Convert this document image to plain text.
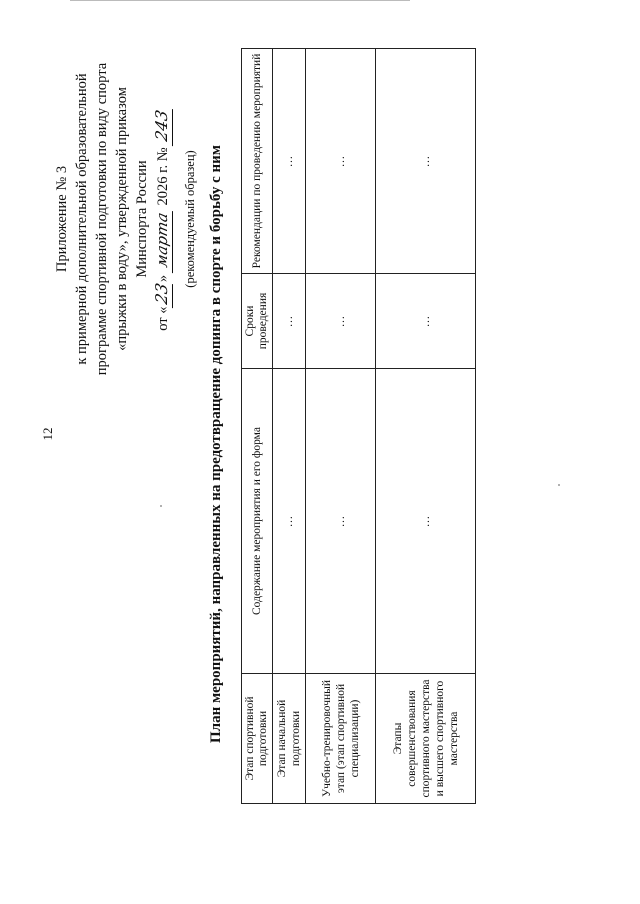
12
Приложение № 3 к примерной дополнительной образовательной программе спортивной подготовки по виду спорта «прыжки в воду», утвержденной приказом Минспорта России
от «23» марта 2026 г. № 243
(рекомендуемый образец) План мероприятий, направленных на предотвращение допинга в спорте и борьбу с ним Этап спортивной подготовки	Содержание мероприятия и его форма	Сроки проведения	Рекомендации по проведению мероприятий
Этап начальной подготовки	…	…	…
Учебно-тренировочный этап (этап спортивной специализации)	…	…	…
Этапы совершенствования спортивного мастерства и высшего спортивного мастерства	…	…	…
